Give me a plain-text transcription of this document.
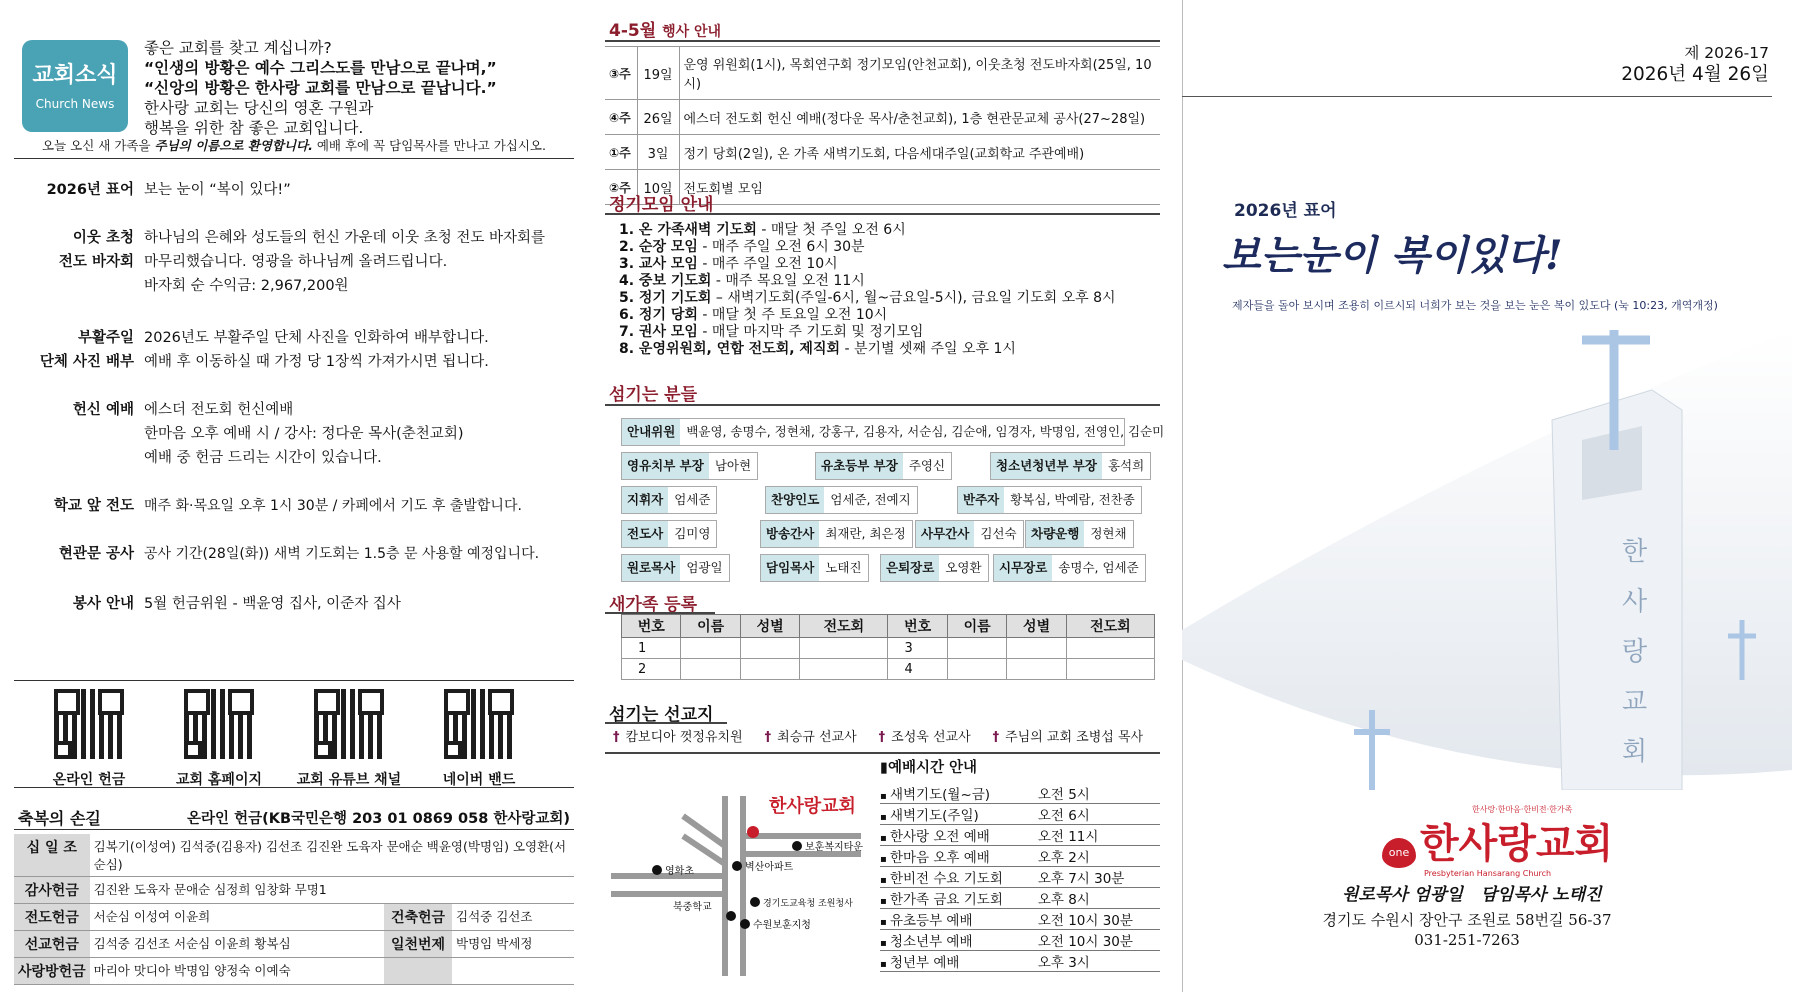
교회소식
Church News
좋은 교회를 찾고 계십니까?
“인생의 방황은 예수 그리스도를 만남으로 끝나며,”
“신앙의 방황은 한사랑 교회를 만남으로 끝납니다.”
한사랑 교회는 당신의 영혼 구원과
행복을 위한 참 좋은 교회입니다.
오늘 오신 새 가족을 주님의 이름으로 환영합니다. 예배 후에 꼭 담임목사를 만나고 가십시오.
2026년 표어 보는 눈이 “복이 있다!”
이웃 초청
전도 바자회
하나님의 은혜와 성도들의 헌신 가운데 이웃 초청 전도 바자회를
마무리했습니다. 영광을 하나님께 올려드립니다.
바자회 순 수익금: 2,967,200원
부활주일
단체 사진 배부
2026년도 부활주일 단체 사진을 인화하여 배부합니다.
예배 후 이동하실 때 가정 당 1장씩 가져가시면 됩니다.
헌신 예배 에스더 전도회 헌신예배
한마음 오후 예배 시 / 강사: 정다운 목사(춘천교회)
예배 중 헌금 드리는 시간이 있습니다.
학교 앞 전도 매주 화·목요일 오후 1시 30분 / 카페에서 기도 후 출발합니다.
현관문 공사 공사 기간(28일(화)) 새벽 기도회는 1.5층 문 사용할 예정입니다.
봉사 안내 5월 헌금위원 - 백윤영 집사, 이준자 집사
온라인 헌금	교회 홈페이지	교회 유튜브 채널	네이버 밴드
축복의 손길	온라인 헌금(KB국민은행 203 01 0869 058 한사랑교회)
십 일 조	김복기(이성여) 김석중(김용자) 김선조 김진완 도육자 문애순 백윤영(박명임) 오영환(서순심)		
감사헌금	김진완 도육자 문애순 심정희 임창화 무명1		
전도헌금	서순심 이성여 이윤희	건축헌금	김석중 김선조
선교헌금	김석중 김선조 서순심 이윤희 황복심	일천번제	박명임 박세정
사랑방헌금	마리아 맛디아 박명임 양정숙 이예숙		
4-5월 행사 안내
③주	19일	운영 위원회(1시), 목회연구회 정기모임(안천교회), 이웃초청 전도바자회(25일, 10시)
④주	26일	에스더 전도회 헌신 예배(정다운 목사/춘천교회), 1층 현관문교체 공사(27~28일)
①주	3일	정기 당회(2일), 온 가족 새벽기도회, 다음세대주일(교회학교 주관예배)
②주	10일	전도회별 모임
정기모임 안내
1. 온 가족새벽 기도회 - 매달 첫 주일 오전 6시
2. 순장 모임 - 매주 주일 오전 6시 30분
3. 교사 모임 - 매주 주일 오전 10시
4. 중보 기도회 - 매주 목요일 오전 11시
5. 정기 기도회 – 새벽기도회(주일-6시, 월~금요일-5시), 금요일 기도회 오후 8시
6. 정기 당회 - 매달 첫 주 토요일 오전 10시
7. 권사 모임 - 매달 마지막 주 기도회 및 정기모임
8. 운영위원회, 연합 전도회, 제직회 - 분기별 셋째 주일 오후 1시
섬기는 분들
안내위원 백윤영, 송명수, 정현채, 강홍구, 김용자, 서순심, 김순애, 임경자, 박명임, 전영인, 김순미
영유치부 부장 남아현	유초등부 부장 주영신	청소년청년부 부장 홍석희
지휘자 엄세준	찬양인도 엄세준, 전예지	반주자 황복심, 박예람, 전찬종
전도사 김미영	방송간사 최재란, 최은정	사무간사 김선숙	차량운행 정현채
원로목사 엄광일	담임목사 노태진	은퇴장로 오영환	시무장로 송명수, 엄세준
새가족 등록
번호	이름	성별	전도회	번호	이름	성별	전도회
1				3			
2				4			
섬기는 선교지
† 캄보디아 껏정유치원 † 최승규 선교사 † 조성욱 선교사 † 주님의 교회 조병섭 목사
한사랑교회
보훈복지타운
영화초	벽산아파트
경기도교육청 조원청사
북중학교
수원보훈지청
▮예배시간 안내
▪ 새벽기도(월~금)	오전 5시
▪ 새벽기도(주일)	오전 6시
▪ 한사랑 오전 예배	오전 11시
▪ 한마음 오후 예배	오후 2시
▪ 한비전 수요 기도회	오후 7시 30분
▪ 한가족 금요 기도회	오후 8시
▪ 유초등부 예배	오전 10시 30분
▪ 청소년부 예배	오전 10시 30분
▪ 청년부 예배	오후 3시
제 2026-17
2026년 4월 26일
한
사
랑
교
회
2026년 표어
보는눈이 복이있다!
제자들을 돌아 보시며 조용히 이르시되 너희가 보는 것을 보는 눈은 복이 있도다 (눅 10:23, 개역개정)
한사랑·한마음·한비전·한가족
one 한사랑교회
Presbyterian Hansarang Church
원로목사 엄광일   담임목사 노태진
경기도 수원시 장안구 조원로 58번길 56-37
031-251-7263
